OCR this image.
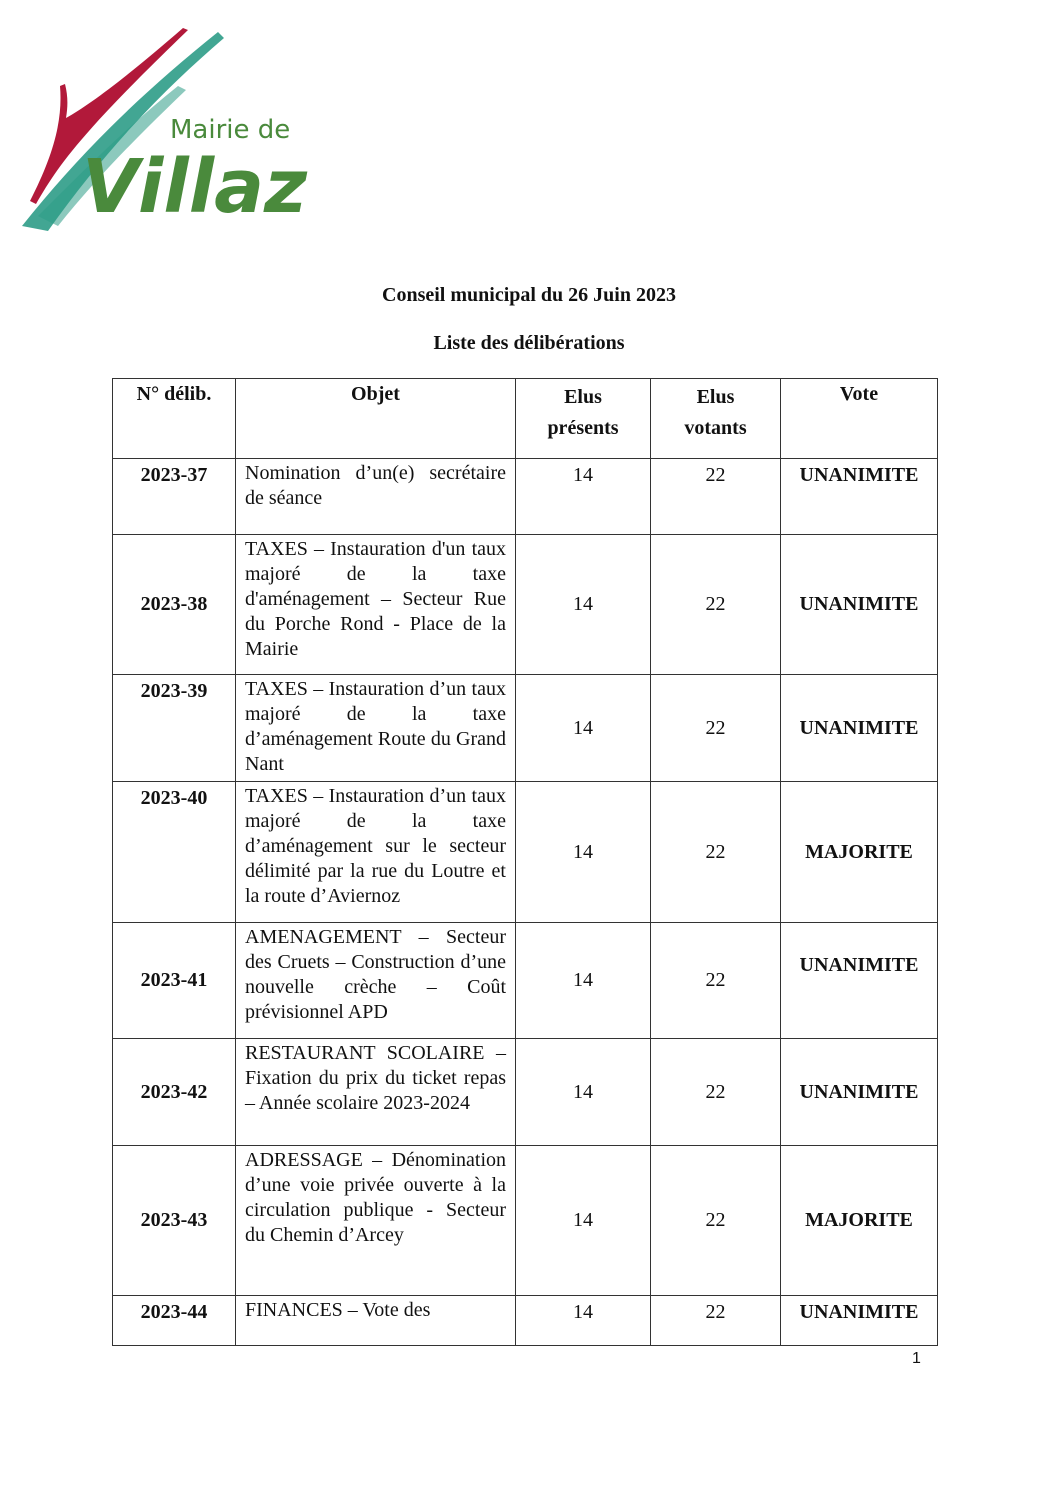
Mairie de
Villaz
Conseil municipal du 26 Juin 2023
Liste des délibérations
N° délib.	Objet	Elus présents	Elus votants	Vote
2023-37	Nomination d’un(e) secrétaire de séance	14	22	UNANIMITE
2023-38	TAXES – Instauration d'un taux majoré de la taxe d'aménagement – Secteur Rue du Porche Rond - Place de la Mairie	14	22	UNANIMITE
2023-39	TAXES – Instauration d’un taux majoré de la taxe d’aménagement Route du Grand Nant	14	22	UNANIMITE
2023-40	TAXES – Instauration d’un taux majoré de la taxe d’aménagement sur le secteur délimité par la rue du Loutre et la route d’Aviernoz	14	22	MAJORITE
2023-41	AMENAGEMENT – Secteur des Cruets – Construction d’une nouvelle crèche – Coût prévisionnel APD	14	22	UNANIMITE
2023-42	RESTAURANT SCOLAIRE – Fixation du prix du ticket repas – Année scolaire 2023-2024	14	22	UNANIMITE
2023-43	ADRESSAGE – Dénomination d’une voie privée ouverte à la circulation publique - Secteur du Chemin d’Arcey	14	22	MAJORITE
2023-44	FINANCES – Vote des	14	22	UNANIMITE
1
